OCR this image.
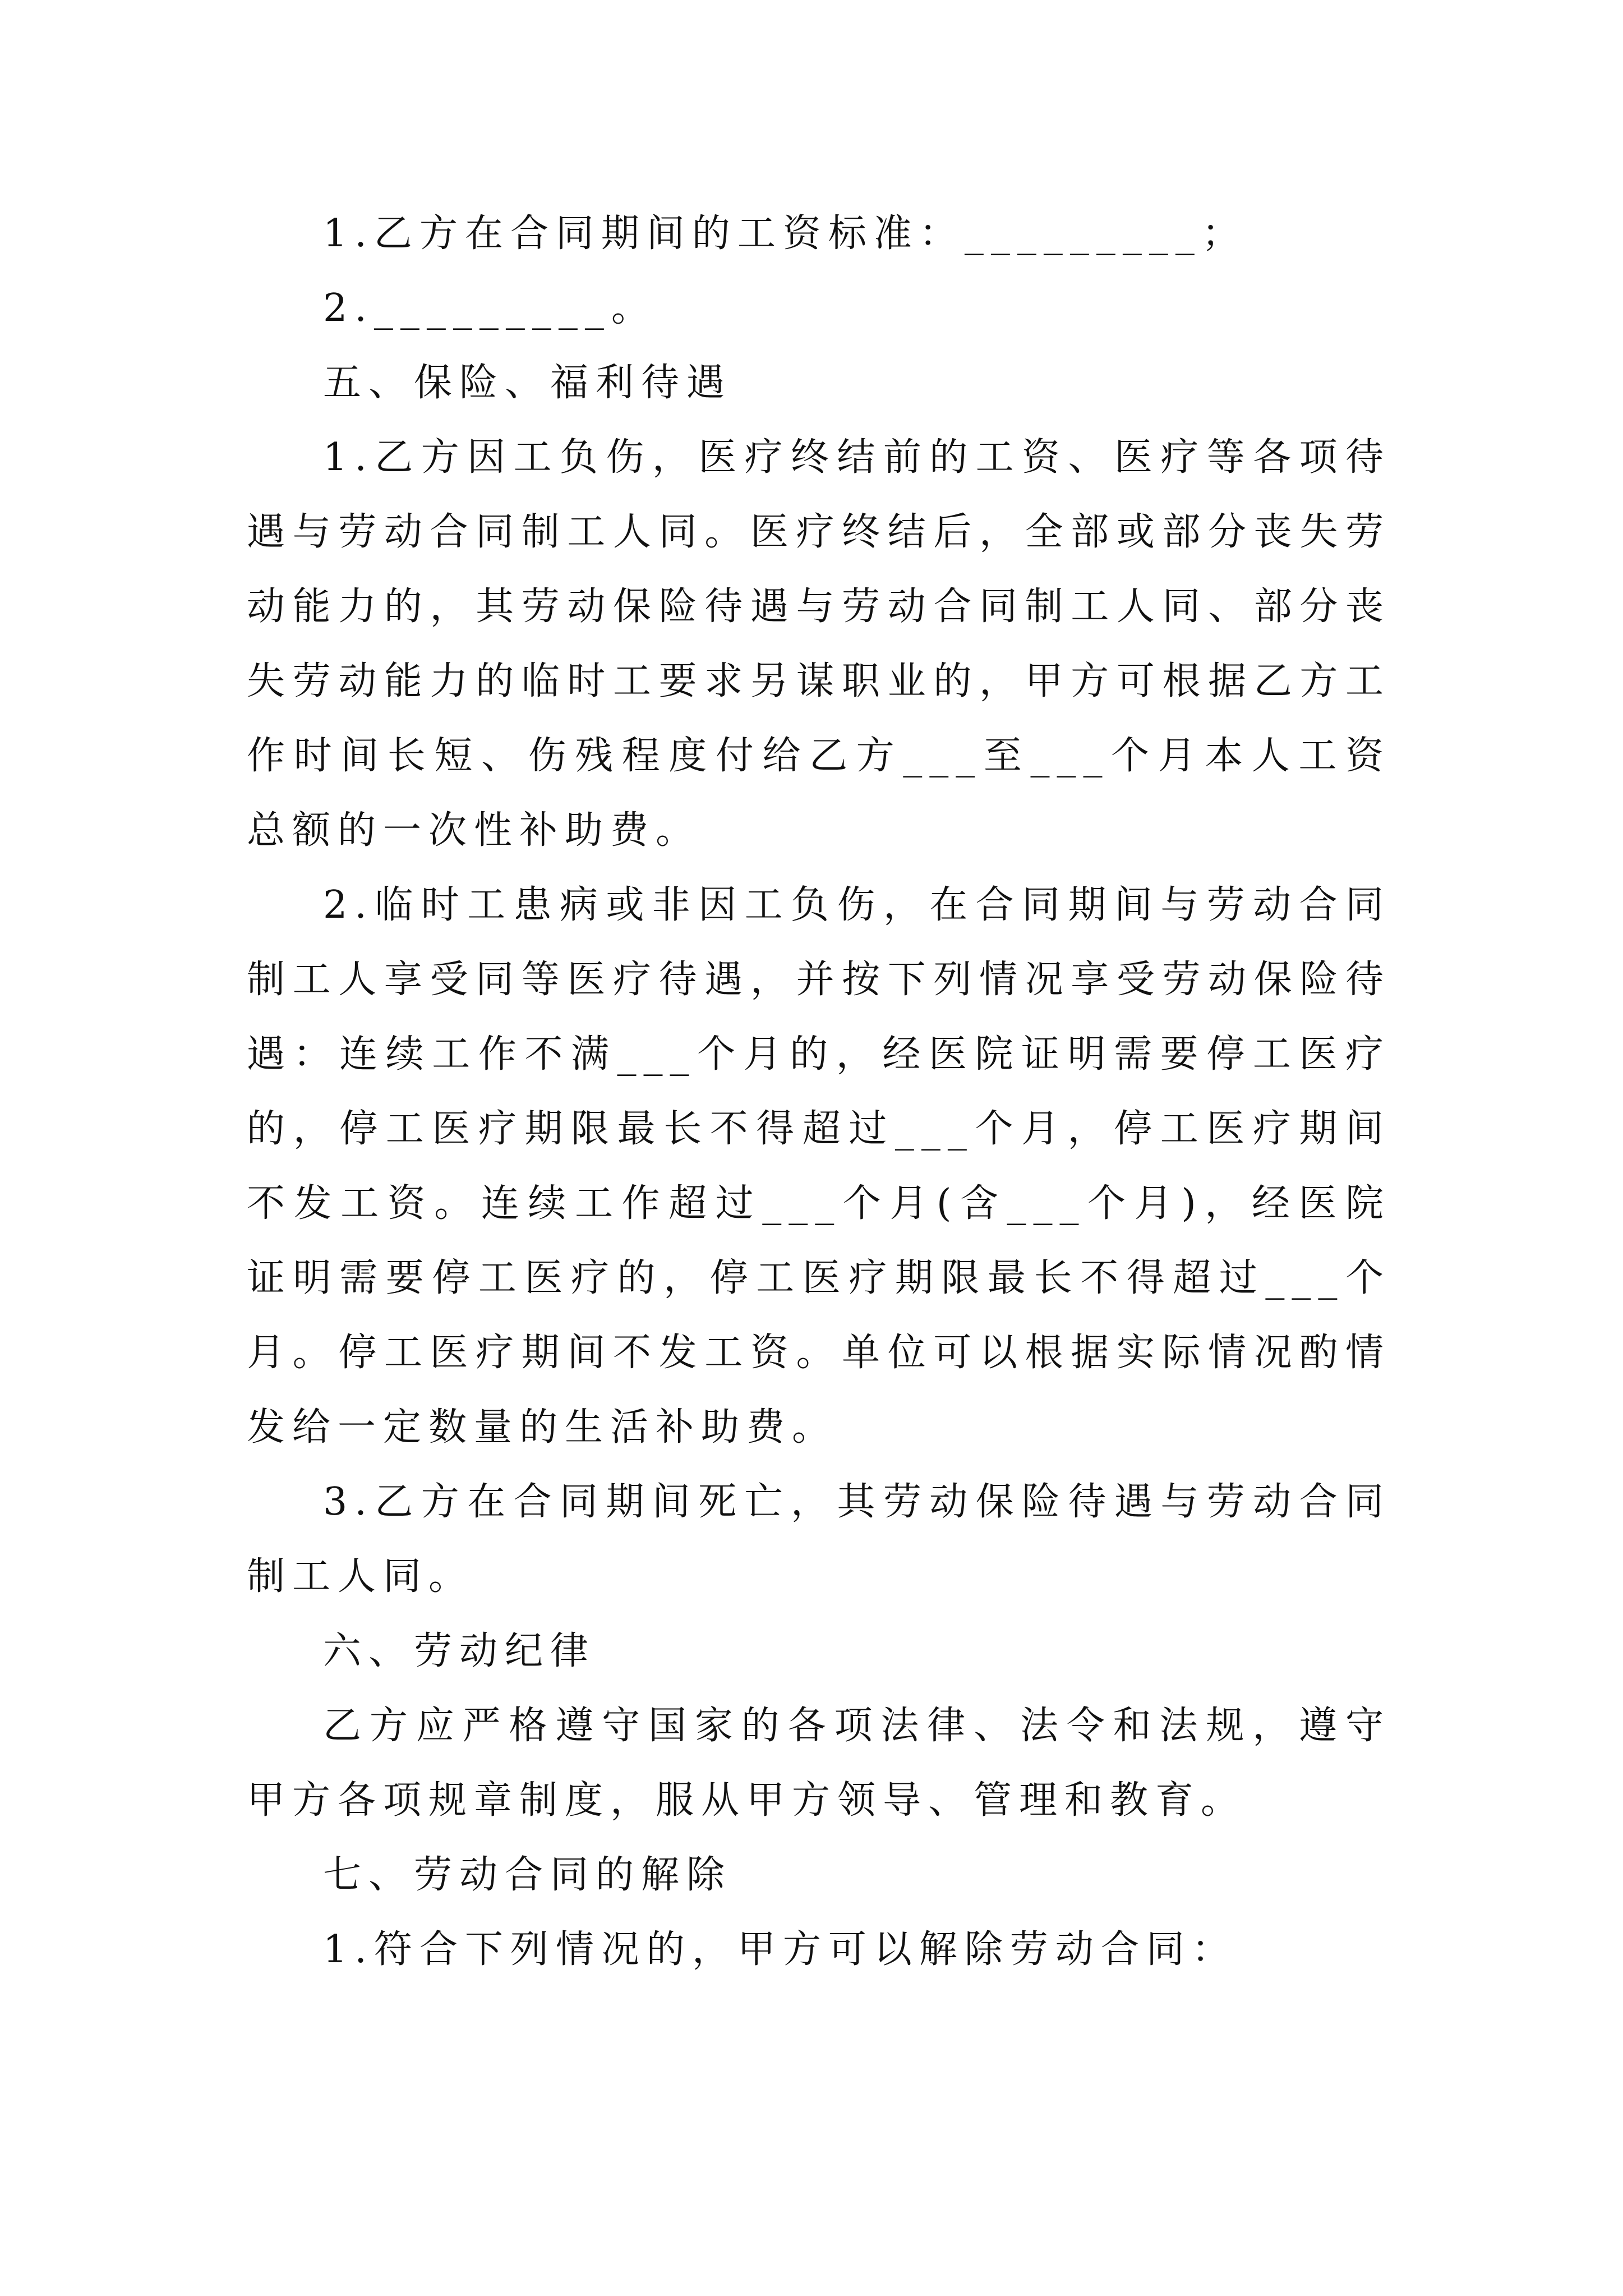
1.乙方在合同期间的工资标准：_________；

2._________。

五、保险、福利待遇

1.乙方因工负伤，医疗终结前的工资、医疗等各项待遇与劳动合同制工人同。医疗终结后，全部或部分丧失劳动能力的，其劳动保险待遇与劳动合同制工人同、部分丧失劳动能力的临时工要求另谋职业的，甲方可根据乙方工作时间长短、伤残程度付给乙方___至___个月本人工资总额的一次性补助费。

2.临时工患病或非因工负伤，在合同期间与劳动合同制工人享受同等医疗待遇，并按下列情况享受劳动保险待遇：连续工作不满___个月的，经医院证明需要停工医疗的，停工医疗期限最长不得超过___个月，停工医疗期间不发工资。连续工作超过___个月(含___个月)，经医院证明需要停工医疗的，停工医疗期限最长不得超过___个月。停工医疗期间不发工资。单位可以根据实际情况酌情发给一定数量的生活补助费。

3.乙方在合同期间死亡，其劳动保险待遇与劳动合同制工人同。

六、劳动纪律

乙方应严格遵守国家的各项法律、法令和法规，遵守甲方各项规章制度，服从甲方领导、管理和教育。

七、劳动合同的解除

1.符合下列情况的，甲方可以解除劳动合同：
